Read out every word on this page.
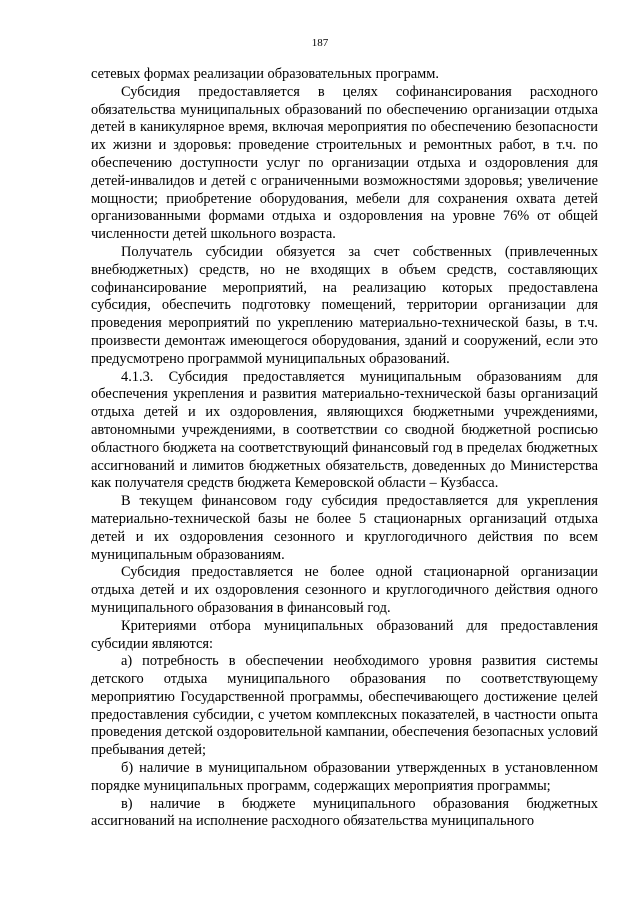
187

сетевых формах реализации образовательных программ.

Субсидия предоставляется в целях софинансирования расходного обязательства муниципальных образований по обеспечению организации отдыха детей в каникулярное время, включая мероприятия по обеспечению безопасности их жизни и здоровья: проведение строительных и ремонтных работ, в т.ч. по обеспечению доступности услуг по организации отдыха и оздоровления для детей-инвалидов и детей с ограниченными возможностями здоровья; увеличение мощности; приобретение оборудования, мебели для сохранения охвата детей организованными формами отдыха и оздоровления на уровне 76% от общей численности детей школьного возраста.

Получатель субсидии обязуется за счет собственных (привлеченных внебюджетных) средств, но не входящих в объем средств, составляющих софинансирование мероприятий, на реализацию которых предоставлена субсидия, обеспечить подготовку помещений, территории организации для проведения мероприятий по укреплению материально-технической базы, в т.ч. произвести демонтаж имеющегося оборудования, зданий и сооружений, если это предусмотрено программой муниципальных образований.

4.1.3. Субсидия предоставляется муниципальным образованиям для обеспечения укрепления и развития материально-технической базы организаций отдыха детей и их оздоровления, являющихся бюджетными учреждениями, автономными учреждениями, в соответствии со сводной бюджетной росписью областного бюджета на соответствующий финансовый год в пределах бюджетных ассигнований и лимитов бюджетных обязательств, доведенных до Министерства как получателя средств бюджета Кемеровской области – Кузбасса.

В текущем финансовом году субсидия предоставляется для укрепления материально-технической базы не более 5 стационарных организаций отдыха детей и их оздоровления сезонного и круглогодичного действия по всем муниципальным образованиям.

Субсидия предоставляется не более одной стационарной организации отдыха детей и их оздоровления сезонного и круглогодичного действия одного муниципального образования в финансовый год.

Критериями отбора муниципальных образований для предоставления субсидии являются:

а) потребность в обеспечении необходимого уровня развития системы детского отдыха муниципального образования по соответствующему мероприятию Государственной программы, обеспечивающего достижение целей предоставления субсидии, с учетом комплексных показателей, в частности опыта проведения детской оздоровительной кампании, обеспечения безопасных условий пребывания детей;

б) наличие в муниципальном образовании утвержденных в установленном порядке муниципальных программ, содержащих мероприятия программы;

в) наличие в бюджете муниципального образования бюджетных ассигнований на исполнение расходного обязательства муниципального
